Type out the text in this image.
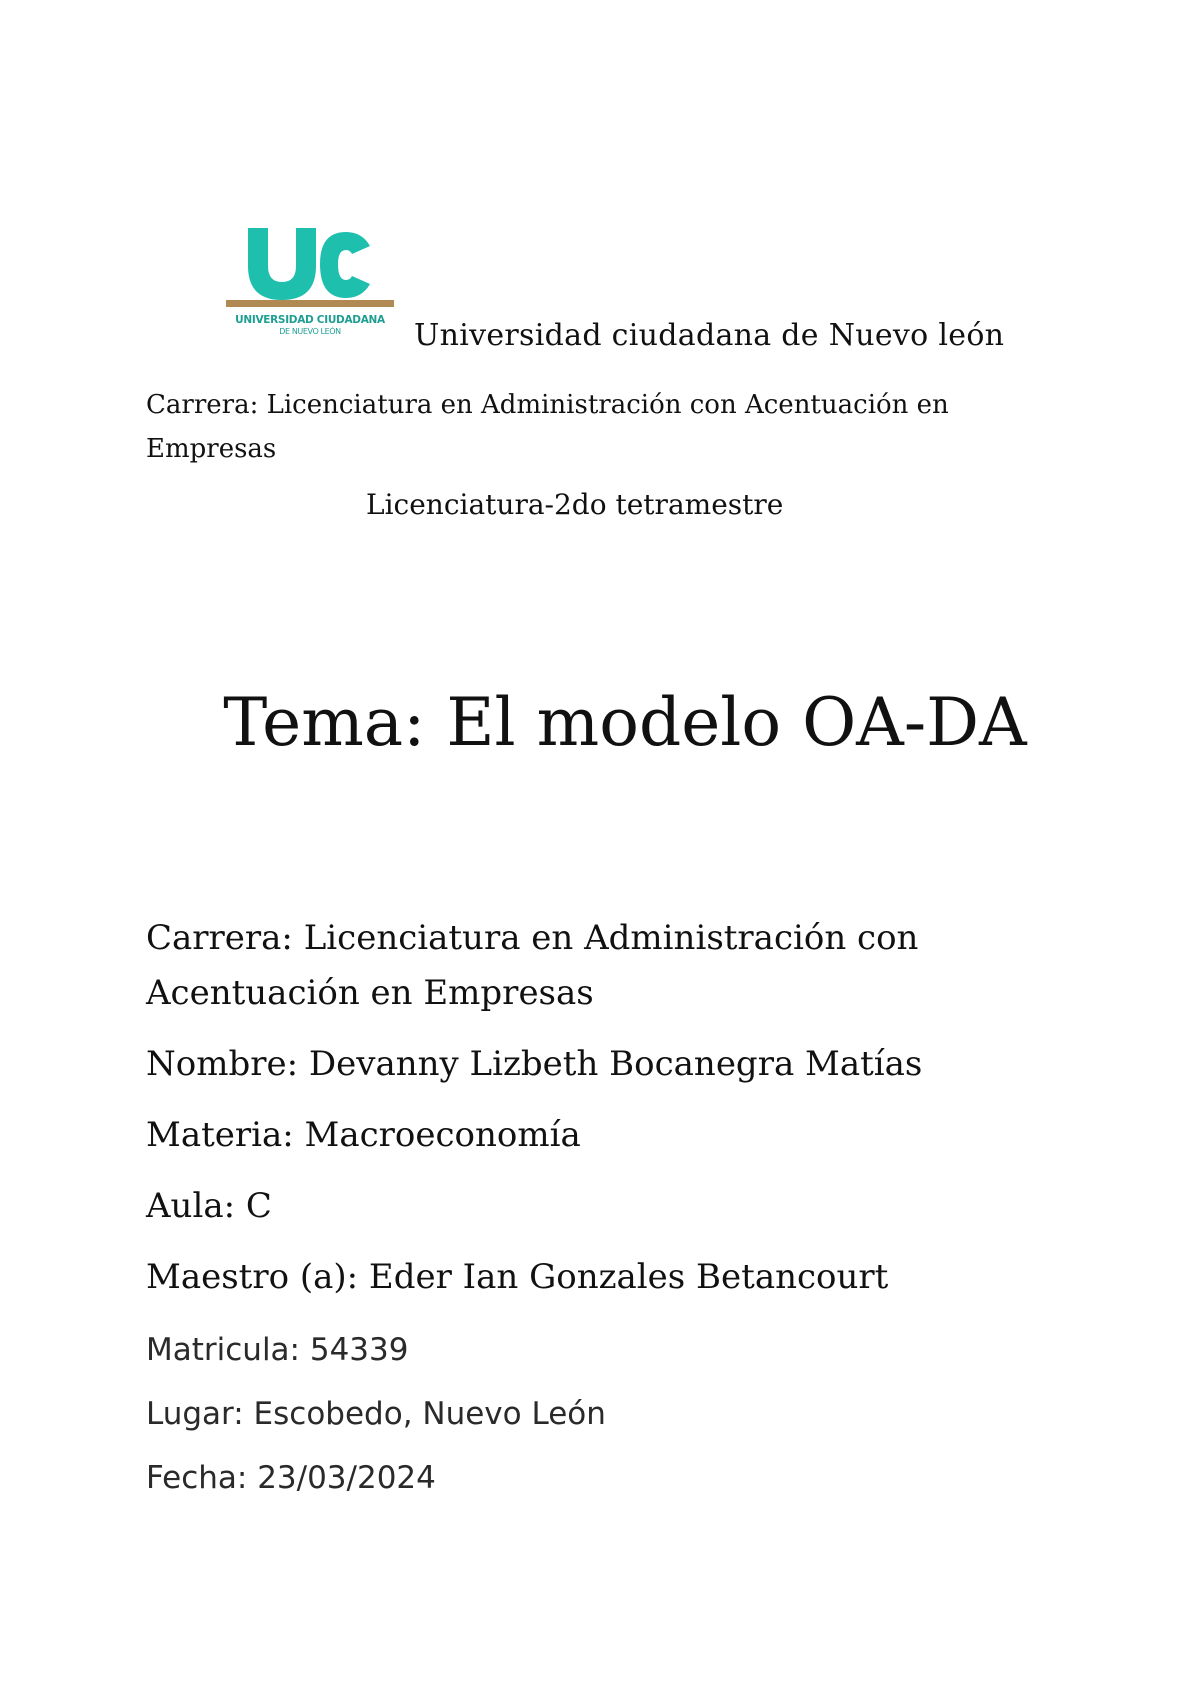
UNIVERSIDAD CIUDADANA
DE NUEVO LEÓN Universidad ciudadana de Nuevo león
Carrera: Licenciatura en Administración con Acentuación en Empresas
Licenciatura-2do tetramestre
Tema: El modelo OA-DA

Carrera: Licenciatura en Administración con Acentuación en Empresas

Nombre: Devanny Lizbeth Bocanegra Matías

Materia: Macroeconomía

Aula: C

Maestro (a): Eder Ian Gonzales Betancourt

Matricula: 54339

Lugar: Escobedo, Nuevo León

Fecha: 23/03/2024
